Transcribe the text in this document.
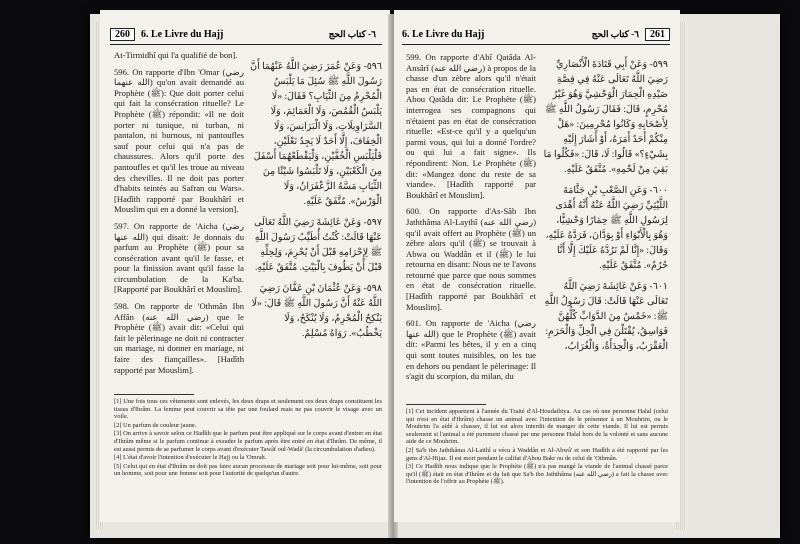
260	6. Le Livre du Hajj	٦- كتاب الحج
At-Tirmidhî qui l'a qualifié de bon].
596. On rapporte d'Ibn 'Omar (رضي الله عنهما) qu'on avait demandé au Prophète (ﷺ): Que doit porter celui qui fait la consécration rituelle? Le Prophète (ﷺ) répondit: «Il ne doit porter ni tunique, ni turban, ni pantalon, ni burnous, ni pantoufles sauf pour celui qui n'a pas de chaussures. Alors qu'il porte des pantoufles et qu'il les troue au niveau des chevilles. Il ne doit pas porter d'habits teintés au Safran ou Wars». [Hadîth rapporté par Boukhârî et Mouslim qui en a donné la version].
597. On rapporte de 'Aicha (رضي الله عنها) qui disait: Je donnais du parfum au Prophète (ﷺ) pour sa consécration avant qu'il le fasse, et pour la finission avant qu'il fasse la circumbulation de la Ka'ba. [Rapporté par Boukhârî et Mouslim].
598. On rapporte de 'Othmân Ibn Affân (رضي الله عنه) que le Prophète (ﷺ) avait dit: «Celui qui fait le pèlerinage ne doit ni contracter un mariage, ni donner en mariage, ni faire des fiançailles». [Hadîth rapporté par Mouslim].
٥٩٦- وَعَنْ عُمَرَ رَضِيَ اللَّهُ عَنْهُمَا أَنَّ رَسُولَ اللَّهِ ﷺ سُئِلَ مَا يَلْبَسُ الْمُحْرِمُ مِنَ الثِّيَابِ؟ فَقَالَ: «لَا يَلْبَسُ الْقُمُصَ، وَلَا الْعَمَائِمَ، وَلَا السَّرَاوِيلَاتِ، وَلَا الْبَرَانِسَ، وَلَا الْخِفَافَ، إِلَّا أَحَدٌ لَا يَجِدُ نَعْلَيْنِ، فَلْيَلْبَسِ الْخُفَّيْنِ، وَلْيَقْطَعْهُمَا أَسْفَلَ مِنَ الْكَعْبَيْنِ، وَلَا تَلْبَسُوا شَيْئًا مِنَ الثِّيَابِ مَسَّهُ الزَّعْفَرَانُ، وَلَا الْوَرْسُ». مُتَّفَقٌ عَلَيْهِ.
٥٩٧- وَعَنْ عَائِشَةَ رَضِيَ اللَّهُ تَعَالَى عَنْهَا قَالَتْ: كُنْتُ أُطَيِّبُ رَسُولَ اللَّهِ ﷺ لِإِحْرَامِهِ قَبْلَ أَنْ يُحْرِمَ، وَلِحِلِّهِ قَبْلَ أَنْ يَطُوفَ بِالْبَيْتِ. مُتَّفَقٌ عَلَيْهِ.
٥٩٨- وَعَنْ عُثْمَانَ بْنِ عَفَّانَ رَضِيَ اللَّهُ عَنْهُ أَنَّ رَسُولَ اللَّهِ ﷺ قَالَ: «لَا يَنْكِحُ الْمُحْرِمُ، وَلَا يُنْكَحُ، وَلَا يَخْطُبُ». رَوَاهُ مُسْلِمٌ.
[1] Une fois tous ces vêtements sont enlevés, les deux draps et seulement ces deux draps constituent les tissus d'Ihrâm. La femme peut couvrir sa tête par une foulard mais ne pas couvrir le visage avec un voile.
[2] Un parfum de couleur jaune.
[3] On arrive à savoir selon ce Hadîth que le parfum peut être appliqué sur le corps avant d'entrer en état d'Ihrâm même si le parfum continue à exsuder le parfum après être entré en état d'Ihrâm. De même, il est aussi permis de se parfumer le corps avant d'exécuter Tawâf oul-Wadâ' (la circumbulation d'adieu).
[4] L'état d'avoir l'intention d'exécuter le Hajj ou la 'Omrah.
[5] Celui qui en état d'Ihrâm ne doit pas faire aucun processus de mariage soit pour lui-même, soit pour un homme, soit pour une femme soit pour l'autorité de quelqu'un d'autre.
6. Le Livre du Hajj	٦- كتاب الحج	261
599. On rapporte d'Abî Qatâda Al-Ansârî (رضي الله عنه) à propos de la chasse d'un zèbre alors qu'il n'était pas en état de consécration rituelle. Abou Qatâda dit: Le Prophète (ﷺ) interrogea ses compagnons qui n'étaient pas en état de consécration rituelle: «Est-ce qu'il y a quelqu'un parmi vous, qui lui a donné l'ordre? ou qui lui a fait signe». Ils répondirent: Non. Le Prophète (ﷺ) dit: «Mangez donc du reste de sa viande». [Hadîth rapporté par Boukhârî et Mouslim].
600. On rapporte d'As-Sâb Ibn Jaththâma Al-Laythî (رضي الله عنه) qu'il avait offert au Prophète (ﷺ) un zèbre alors qu'il (ﷺ) se trouvait à Abwa ou Waddân et il (ﷺ) le lui retourna en disant: Nous ne te l'avons retourné que parce que nous sommes en état de consécration rituelle. [Hadîth rapporté par Boukhârî et Mouslim].
601. On rapporte de 'Aicha (رضي الله عنها) que le Prophète (ﷺ) avait dit: «Parmi les bêtes, il y en a cinq qui sont toutes nuisibles, on les tue en dehors ou pendant le pèlerinage: Il s'agit du scorpion, du milan, du
٥٩٩- وَعَنْ أَبِي قَتَادَةَ الْأَنْصَارِيِّ رَضِيَ اللَّهُ تَعَالَى عَنْهُ فِي قِصَّةِ صَيْدِهِ الْحِمَارَ الْوَحْشِيَّ وَهُوَ غَيْرُ مُحْرِمٍ، قَالَ: فَقَالَ رَسُولُ اللَّهِ ﷺ لِأَصْحَابِهِ وَكَانُوا مُحْرِمِينَ: «هَلْ مِنْكُمْ أَحَدٌ أَمَرَهُ، أَوْ أَشَارَ إِلَيْهِ بِشَيْءٍ؟» قَالُوا: لَا، قَالَ: «فَكُلُوا مَا بَقِيَ مِنْ لَحْمِهِ». مُتَّفَقٌ عَلَيْهِ.
٦٠٠- وَعَنِ الصَّعْبِ بْنِ جَثَّامَةَ اللَّيْثِيِّ رَضِيَ اللَّهُ عَنْهُ أَنَّهُ أَهْدَى لِرَسُولِ اللَّهِ ﷺ حِمَارًا وَحْشِيًّا، وَهُوَ بِالْأَبْوَاءِ أَوْ بِوَدَّانَ، فَرَدَّهُ عَلَيْهِ، وَقَالَ: «إِنَّا لَمْ نَرُدَّهُ عَلَيْكَ إِلَّا أَنَّا حُرُمٌ». مُتَّفَقٌ عَلَيْهِ.
٦٠١- وَعَنْ عَائِشَةَ رَضِيَ اللَّهُ تَعَالَى عَنْهَا قَالَتْ: قَالَ رَسُولُ اللَّهِ ﷺ: «خَمْسٌ مِنَ الدَّوَابِّ كُلُّهُنَّ فَوَاسِقُ، يُقْتَلْنَ فِي الْحِلِّ وَالْحَرَمِ: الْعَقْرَبُ، وَالْحِدَأَةُ، وَالْغُرَابُ،
[1] Cet incident appartient à l'année du Traité d'Al-Houdaibiya. Au cas où une personne Halal (celui qui n'est en état d'Ihrâm) chasse un animal avec l'intention de le présenter à un Mouhrim, ou le Mouhrim l'a aidé à chasser, il lui est alors interdit de manger de cette viande. Il lui est permis seulement si l'animal a été purement chassé par une personne Halal hors de la volonté et sans aucune aide de ce Mouhrim.
[2] Sa'b ibn Jaththâma Al-Laithî a vécu à Waddân et Al-Abwâ' et son Hadîth a été rapporté par les gens d'Al-Hijaz. Il est mort pendant le califat d'Abou Bakr ou de celui de 'Othmân.
[3] Ce Hadîth nous indique que le Prophète (ﷺ) n'a pas mangé la viande de l'animal chassé parce qu'il (ﷺ) était en état d'Ihrâm et du fait que Sa'b ibn Jaththâma (رضي الله عنه) a fait la chasse avec l'intention de l'offrir au Prophète (ﷺ).
